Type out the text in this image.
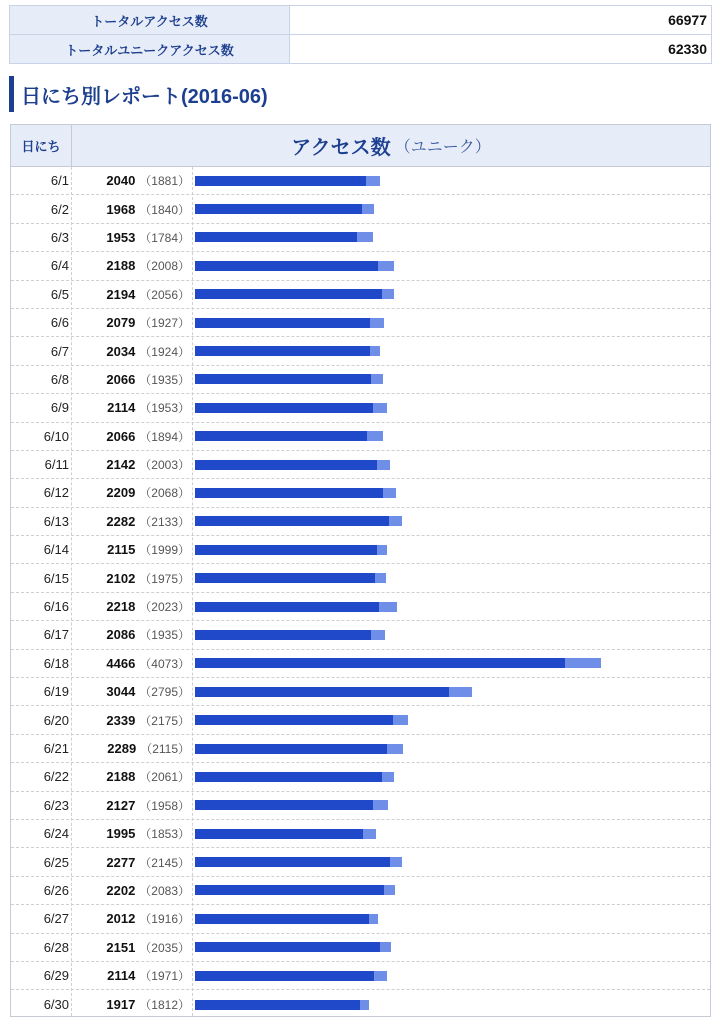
トータルアクセス数	66977
トータルユニークアクセス数	62330
日にち別レポート(2016-06)
日にち	アクセス数 （ユニーク）
6/1	2040 （1881）
6/2	1968 （1840）
6/3	1953 （1784）
6/4	2188 （2008）
6/5	2194 （2056）
6/6	2079 （1927）
6/7	2034 （1924）
6/8	2066 （1935）
6/9	2114 （1953）
6/10	2066 （1894）
6/11	2142 （2003）
6/12	2209 （2068）
6/13	2282 （2133）
6/14	2115 （1999）
6/15	2102 （1975）
6/16	2218 （2023）
6/17	2086 （1935）
6/18	4466 （4073）
6/19	3044 （2795）
6/20	2339 （2175）
6/21	2289 （2115）
6/22	2188 （2061）
6/23	2127 （1958）
6/24	1995 （1853）
6/25	2277 （2145）
6/26	2202 （2083）
6/27	2012 （1916）
6/28	2151 （2035）
6/29	2114 （1971）
6/30	1917 （1812）
